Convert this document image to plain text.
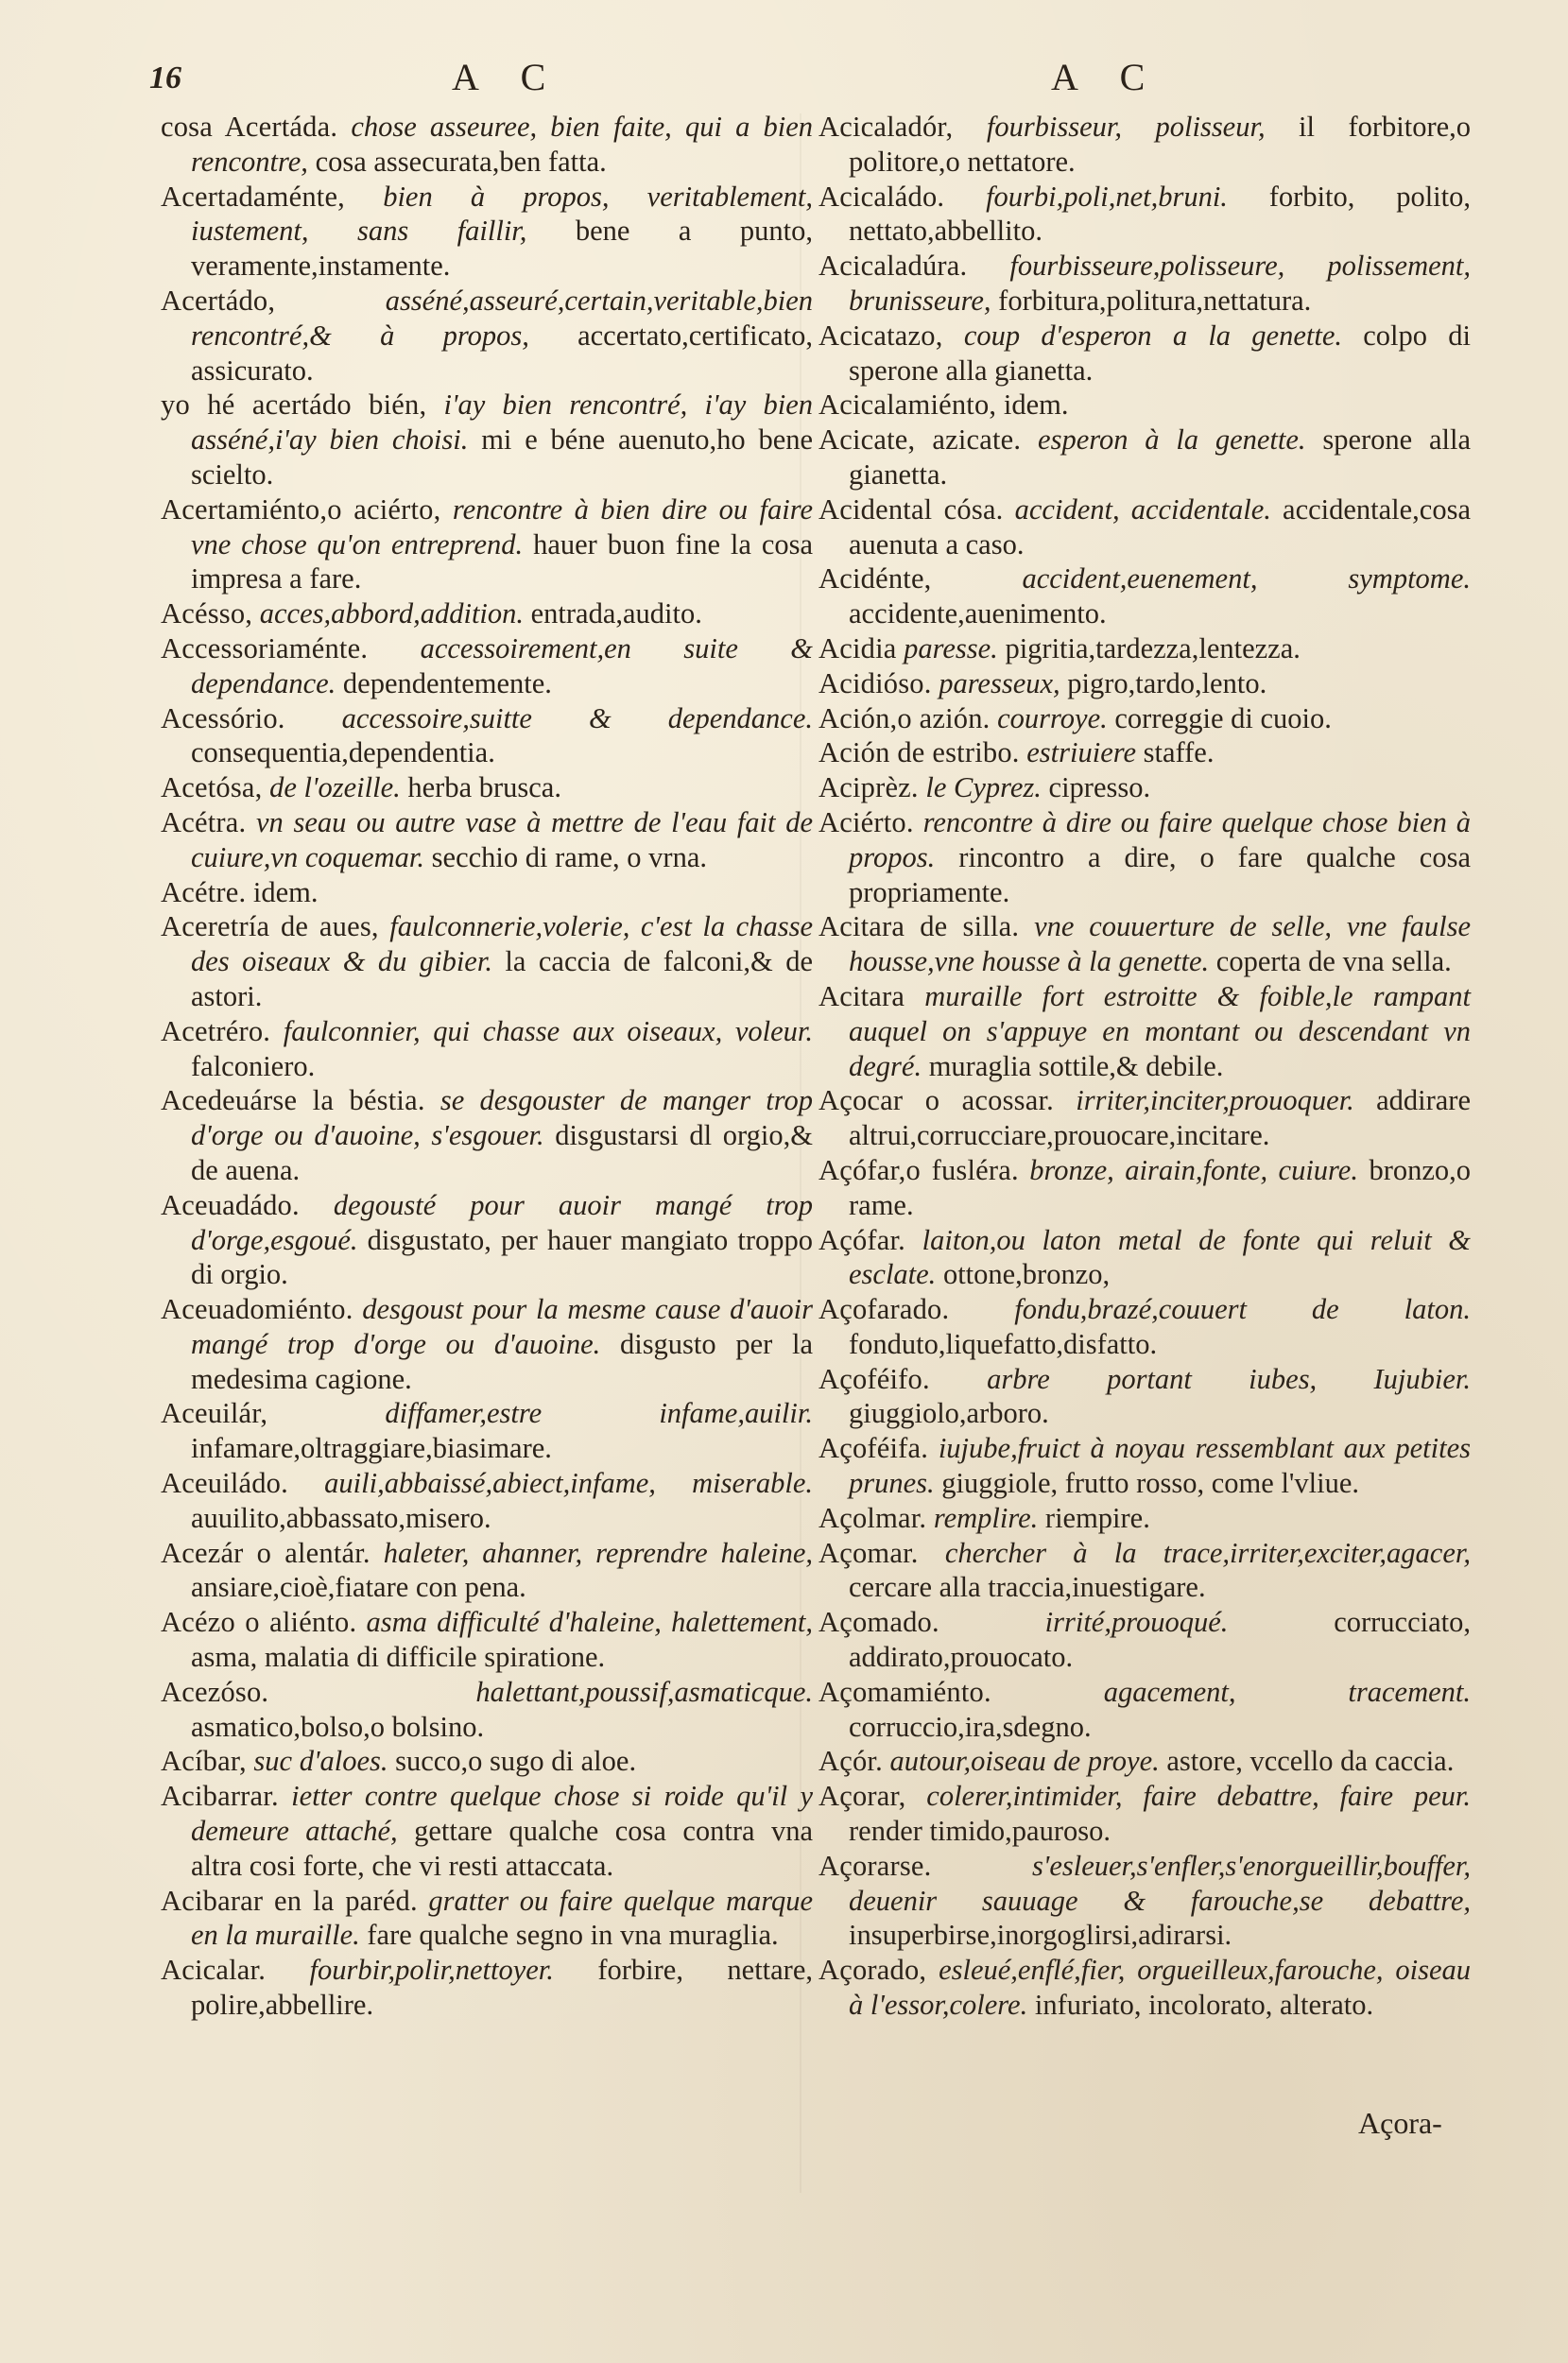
16	A C	A C

cosa Acertáda. chose asseuree, bien faite, qui a bien rencontre, cosa assecurata,ben fatta.

Acertadaménte, bien à propos, veritablement, iustement, sans faillir, bene a punto, veramente,instamente.

Acertádo,	asséné,asseuré,certain,veritable,bien rencontré,& à propos, accertato,certificato, assicurato.

yo hé acertádo bién, i'ay bien rencontré, i'ay bien asséné,i'ay bien choisi. mi e béne auenuto,ho bene scielto.

Acertamiénto,o aciérto, rencontre à bien dire ou faire vne chose qu'on entreprend. hauer buon fine la cosa impresa a fare.

Acésso, acces,abbord,addition. entrada,audito.

Accessoriaménte. accessoirement,en suite & dependance. dependentemente.

Acessório. accessoire,suitte & dependance. consequentia,dependentia.

Acetósa, de l'ozeille. herba brusca.

Acétra. vn seau ou autre vase à mettre de l'eau fait de cuiure,vn coquemar. secchio di rame, o vrna.

Acétre. idem.

Aceretría de aues, faulconnerie,volerie, c'est la chasse des oiseaux & du gibier. la caccia de falconi,& de astori.

Acetréro. faulconnier, qui chasse aux oiseaux, voleur. falconiero.

Acedeuárse la béstia. se desgouster de manger trop d'orge ou d'auoine, s'esgouer. disgustarsi dl orgio,& de auena.

Aceuadádo. degousté pour auoir mangé trop d'orge,esgoué. disgustato, per hauer mangiato troppo di orgio.

Aceuadomiénto. desgoust pour la mesme cause d'auoir mangé trop d'orge ou d'auoine. disgusto per la medesima cagione.

Aceuilár,	diffamer,estre infame,auilir. infamare,oltraggiare,biasimare.

Aceuiládo. auili,abbaissé,abiect,infame, miserable. auuilito,abbassato,misero.

Acezár o alentár. haleter, ahanner, reprendre haleine, ansiare,cioè,fiatare con pena.

Acézo o aliénto. asma difficulté d'haleine, halettement, asma, malatia di difficile spiratione.

Acezóso.	halettant,poussif,asmaticque. asmatico,bolso,o bolsino.

Acíbar, suc d'aloes. succo,o sugo di aloe.

Acibarrar. ietter contre quelque chose si roide qu'il y demeure attaché, gettare qualche cosa contra vna altra cosi forte, che vi resti attaccata.

Acibarar en la paréd. gratter ou faire quelque marque en la muraille. fare qualche segno in vna muraglia.

Acicalar. fourbir,polir,nettoyer. forbire, nettare, polire,abbellire.

Acicaladór, fourbisseur, polisseur, il forbitore,o politore,o nettatore.

Acicaládo. fourbi,poli,net,bruni. forbito, polito, nettato,abbellito.

Acicaladúra. fourbisseure,polisseure, polissement, brunisseure, forbitura,politura,nettatura.

Acicatazo, coup d'esperon a la genette. colpo di sperone alla gianetta.

Acicalamiénto, idem.

Acicate, azicate. esperon à la genette. sperone alla gianetta.

Acidental cósa. accident, accidentale. accidentale,cosa auenuta a caso.

Acidénte,	accident,euenement, symptome. accidente,auenimento.

Acidia paresse. pigritia,tardezza,lentezza.

Acidióso. paresseux, pigro,tardo,lento.

Ación,o azión. courroye. correggie di cuoio.

Ación de estribo. estriuiere staffe.

Aciprèz. le Cyprez. cipresso.

Aciérto. rencontre à dire ou faire quelque chose bien à propos. rincontro a dire, o fare qualche cosa propriamente.

Acitara de silla. vne couuerture de selle, vne faulse housse,vne housse à la genette. coperta de vna sella.

Acitara muraille fort estroitte & foible,le rampant auquel on s'appuye en montant ou descendant vn degré. muraglia sottile,& debile.

Açocar o acossar. irriter,inciter,prouoquer. addirare altrui,corrucciare,prouocare,incitare.

Açófar,o fusléra. bronze, airain,fonte, cuiure. bronzo,o rame.

Açófar. laiton,ou laton metal de fonte qui reluit & esclate. ottone,bronzo,

Açofarado. fondu,brazé,couuert de laton. fonduto,liquefatto,disfatto.

Açoféifo. arbre portant iubes, Iujubier. giuggiolo,arboro.

Açoféifa. iujube,fruict à noyau ressemblant aux petites prunes. giuggiole, frutto rosso, come l'vliue.

Açolmar. remplire. riempire.

Açomar. chercher à la trace,irriter,exciter,agacer, cercare alla traccia,inuestigare.

Açomado.	irrité,prouoqué.	corrucciato, addirato,prouocato.

Açomamiénto.	agacement, tracement. corruccio,ira,sdegno.

Açór. autour,oiseau de proye. astore, vccello da caccia.

Açorar, colerer,intimider, faire debattre, faire peur. render timido,pauroso.

Açorarse.	s'esleuer,s'enfler,s'enorgueillir,bouffer, deuenir sauuage & farouche,se debattre, insuperbirse,inorgoglirsi,adirarsi.

Açorado, esleué,enflé,fier, orgueilleux,farouche, oiseau à l'essor,colere. infuriato, incolorato, alterato.

Açora-
